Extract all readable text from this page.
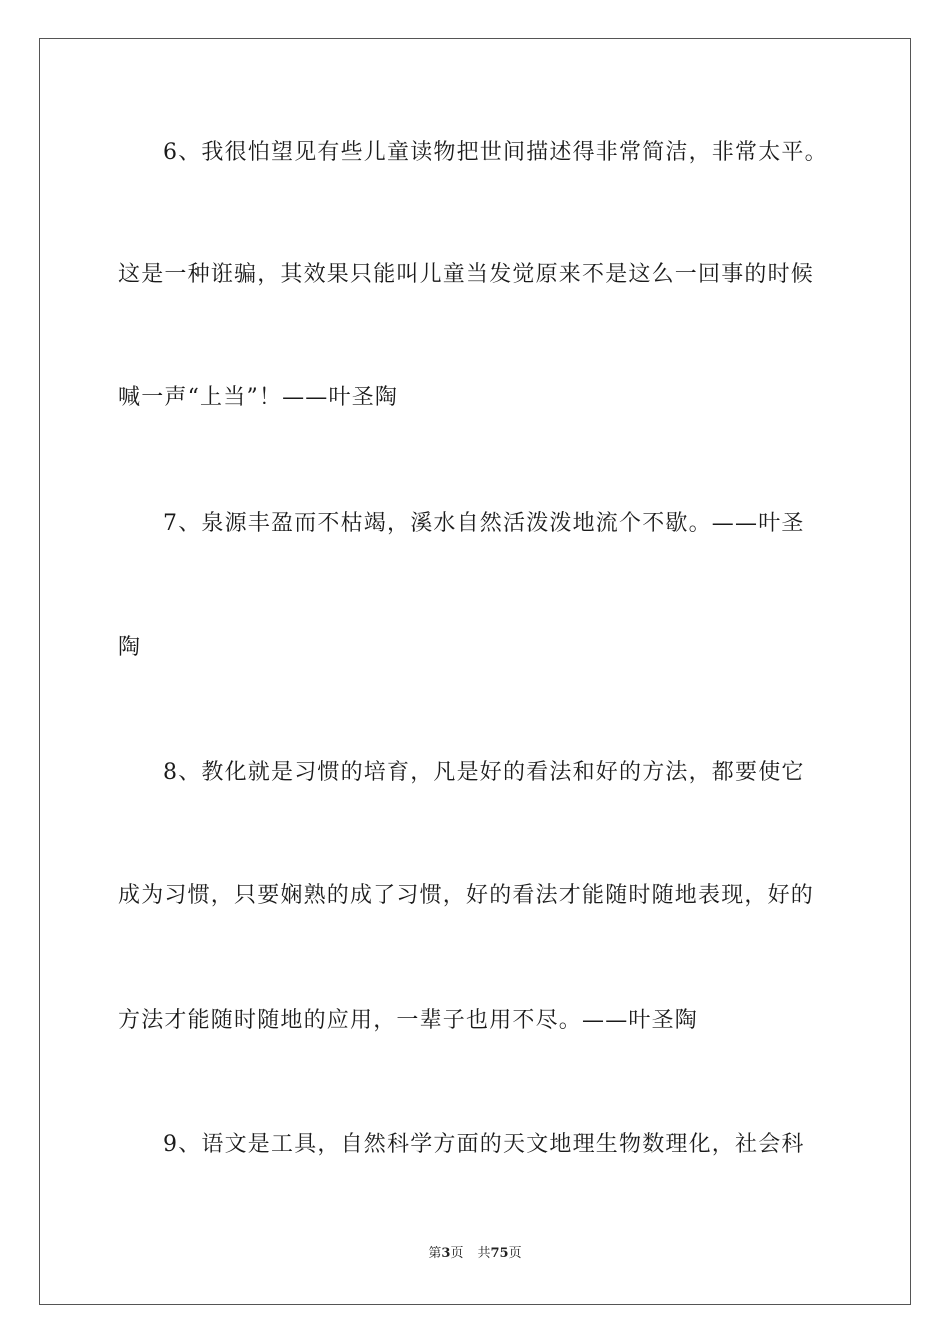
6、我很怕望见有些儿童读物把世间描述得非常简洁，非常太平。
这是一种诳骗，其效果只能叫儿童当发觉原来不是这么一回事的时候
喊一声“上当”！——叶圣陶
7、泉源丰盈而不枯竭，溪水自然活泼泼地流个不歇。——叶圣
陶
8、教化就是习惯的培育，凡是好的看法和好的方法，都要使它
成为习惯，只要娴熟的成了习惯，好的看法才能随时随地表现，好的
方法才能随时随地的应用，一辈子也用不尽。——叶圣陶
9、语文是工具，自然科学方面的天文地理生物数理化，社会科
第3页 共75页
